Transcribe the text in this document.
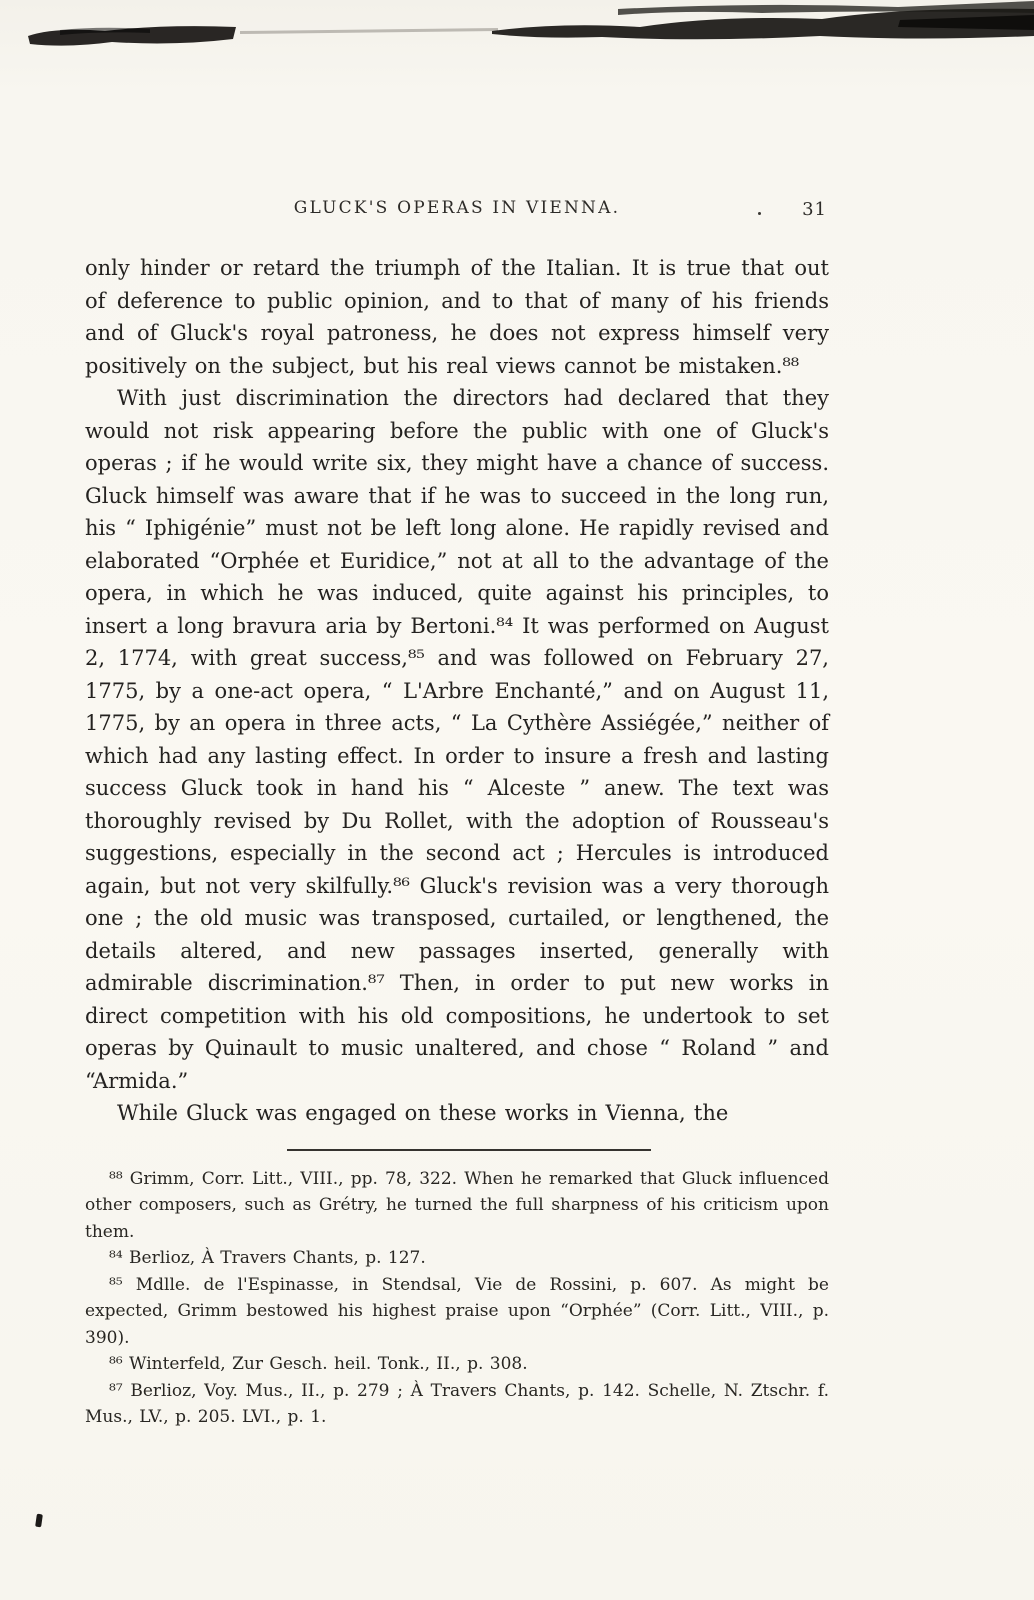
GLUCK'S OPERAS IN VIENNA.	31

only hinder or retard the triumph of the Italian. It is true that out of deference to public opinion, and to that of many of his friends and of Gluck's royal patroness, he does not express himself very positively on the subject, but his real views cannot be mistaken.⁸⁸

With just discrimination the directors had declared that they would not risk appearing before the public with one of Gluck's operas ; if he would write six, they might have a chance of success. Gluck himself was aware that if he was to succeed in the long run, his “ Iphigénie” must not be left long alone. He rapidly revised and elaborated “Orphée et Euridice,” not at all to the advantage of the opera, in which he was induced, quite against his principles, to insert a long bravura aria by Bertoni.⁸⁴ It was performed on August 2, 1774, with great success,⁸⁵ and was followed on February 27, 1775, by a one-act opera, “ L'Arbre Enchanté,” and on August 11, 1775, by an opera in three acts, “ La Cythère Assiégée,” neither of which had any lasting effect. In order to insure a fresh and lasting success Gluck took in hand his “ Alceste ” anew. The text was thoroughly revised by Du Rollet, with the adoption of Rousseau's suggestions, especially in the second act ; Hercules is introduced again, but not very skilfully.⁸⁶ Gluck's revision was a very thorough one ; the old music was transposed, curtailed, or lengthened, the details altered, and new passages inserted, generally with admirable discrimination.⁸⁷ Then, in order to put new works in direct competition with his old compositions, he undertook to set operas by Quinault to music unaltered, and chose “ Roland ” and “Armida.”

While Gluck was engaged on these works in Vienna, the

⁸⁸ Grimm, Corr. Litt., VIII., pp. 78, 322. When he remarked that Gluck influenced other composers, such as Grétry, he turned the full sharpness of his criticism upon them.

⁸⁴ Berlioz, À Travers Chants, p. 127.

⁸⁵ Mdlle. de l'Espinasse, in Stendsal, Vie de Rossini, p. 607. As might be expected, Grimm bestowed his highest praise upon “Orphée” (Corr. Litt., VIII., p. 390).

⁸⁶ Winterfeld, Zur Gesch. heil. Tonk., II., p. 308.

⁸⁷ Berlioz, Voy. Mus., II., p. 279 ; À Travers Chants, p. 142. Schelle, N. Ztschr. f. Mus., LV., p. 205. LVI., p. 1.
